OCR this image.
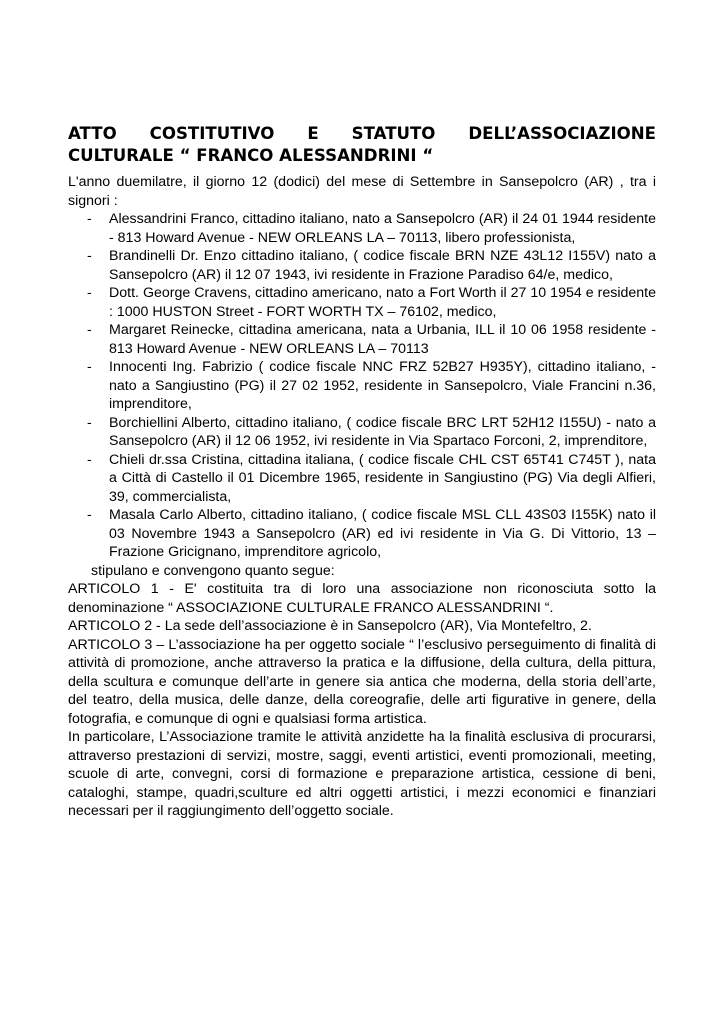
ATTO COSTITUTIVO E STATUTO DELL’ASSOCIAZIONE
CULTURALE “ FRANCO ALESSANDRINI “

L'anno duemilatre, il giorno 12 (dodici) del mese di Settembre in Sansepolcro (AR) , tra i signori :

- Alessandrini Franco, cittadino italiano, nato a Sansepolcro (AR) il 24 01 1944 residente - 813 Howard Avenue - NEW ORLEANS LA – 70113, libero professionista,
- Brandinelli Dr. Enzo cittadino italiano, ( codice fiscale BRN NZE 43L12 I155V) nato a Sansepolcro (AR) il 12 07 1943, ivi residente in Frazione Paradiso 64/e, medico,
- Dott. George Cravens, cittadino americano, nato a Fort Worth il 27 10 1954 e residente : 1000 HUSTON Street - FORT WORTH TX – 76102, medico,
- Margaret Reinecke, cittadina americana, nata a Urbania, ILL il 10 06 1958 residente - 813 Howard Avenue - NEW ORLEANS LA – 70113
- Innocenti Ing. Fabrizio ( codice fiscale NNC FRZ 52B27 H935Y), cittadino italiano, - nato a Sangiustino (PG) il 27 02 1952, residente in Sansepolcro, Viale Francini n.36, imprenditore,
- Borchiellini Alberto, cittadino italiano, ( codice fiscale BRC LRT 52H12 I155U) - nato a Sansepolcro (AR) il 12 06 1952, ivi residente in Via Spartaco Forconi, 2, imprenditore,
- Chieli dr.ssa Cristina, cittadina italiana, ( codice fiscale CHL CST 65T41 C745T ), nata a Città di Castello il 01 Dicembre 1965, residente in Sangiustino (PG) Via degli Alfieri, 39, commercialista,
- Masala Carlo Alberto, cittadino italiano, ( codice fiscale MSL CLL 43S03 I155K) nato il 03 Novembre 1943 a Sansepolcro (AR) ed ivi residente in Via G. Di Vittorio, 13 – Frazione Gricignano, imprenditore agricolo,

stipulano e convengono quanto segue:

ARTICOLO 1 - E' costituita tra di loro una associazione non riconosciuta sotto la denominazione “ ASSOCIAZIONE CULTURALE FRANCO ALESSANDRINI “.

ARTICOLO 2 - La sede dell’associazione è in Sansepolcro (AR), Via Montefeltro, 2.

ARTICOLO 3 – L’associazione ha per oggetto sociale “ l’esclusivo perseguimento di finalità di attività di promozione, anche attraverso la pratica e la diffusione, della cultura, della pittura, della scultura e comunque dell’arte in genere sia antica che moderna, della storia dell’arte, del teatro, della musica, delle danze, della coreografie, delle arti figurative in genere, della fotografia, e comunque di ogni e qualsiasi forma artistica.

In particolare, L’Associazione tramite le attività anzidette ha la finalità esclusiva di procurarsi, attraverso prestazioni di servizi, mostre, saggi, eventi artistici, eventi promozionali, meeting, scuole di arte, convegni, corsi di formazione e preparazione artistica, cessione di beni, cataloghi, stampe, quadri,sculture ed altri oggetti artistici, i mezzi economici e finanziari necessari per il raggiungimento dell’oggetto sociale.
